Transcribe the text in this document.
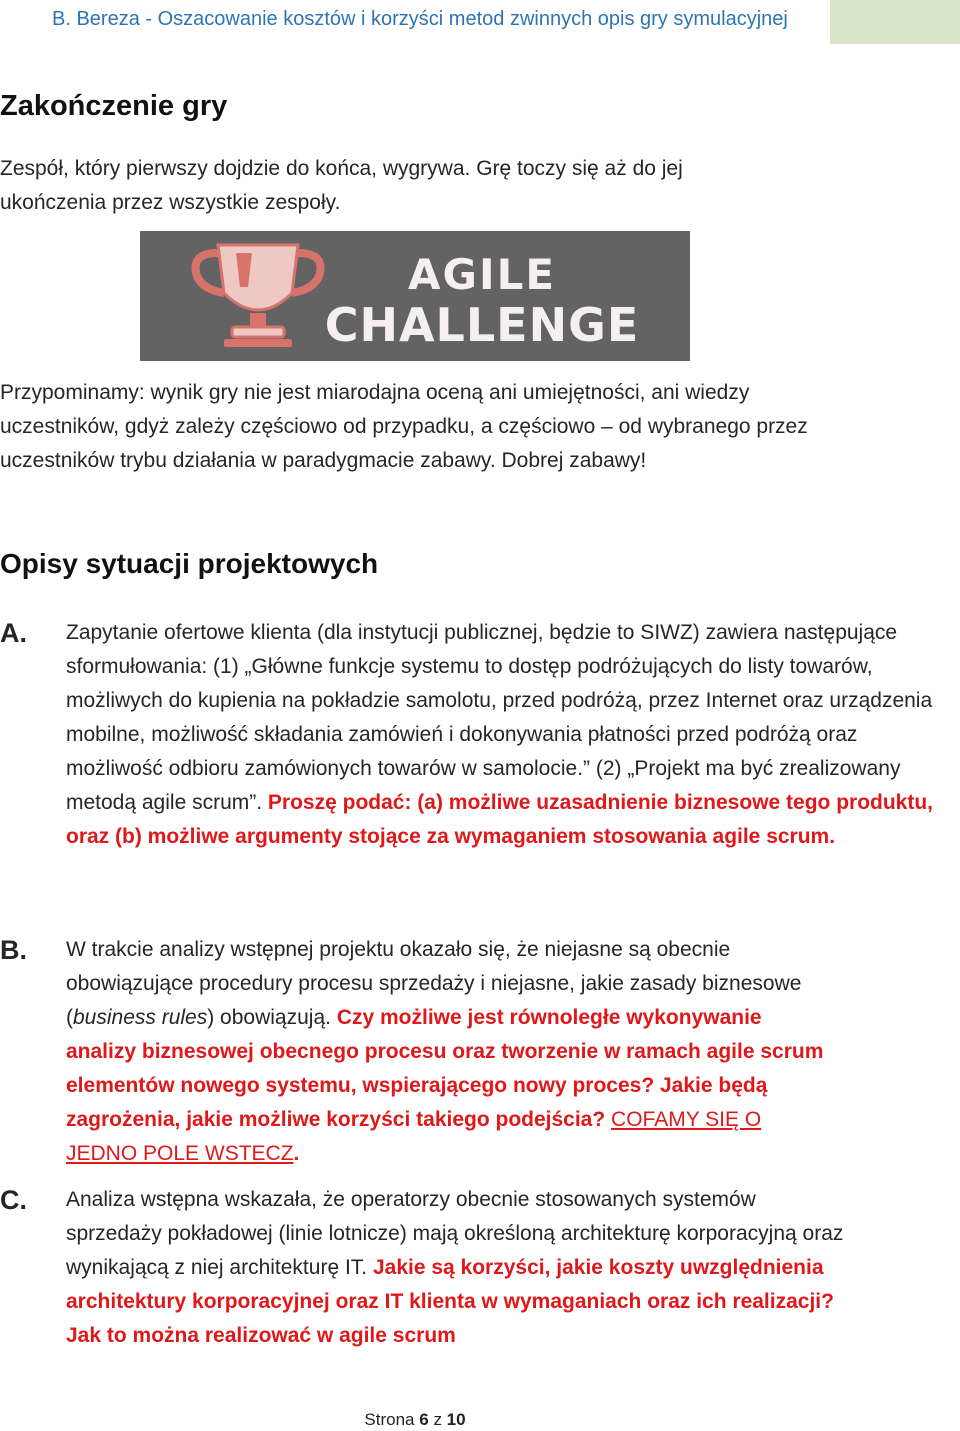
B. Bereza - Oszacowanie kosztów i korzyści metod zwinnych opis gry symulacyjnej
Zakończenie gry

Zespół, który pierwszy dojdzie do końca, wygrywa. Grę toczy się aż do jej ukończenia przez wszystkie zespoły.

AGILE
CHALLENGE

Przypominamy: wynik gry nie jest miarodajna oceną ani umiejętności, ani wiedzy uczestników, gdyż zależy częściowo od przypadku, a częściowo – od wybranego przez uczestników trybu działania w paradygmacie zabawy. Dobrej zabawy!

Opisy sytuacji projektowych
A. Zapytanie ofertowe klienta (dla instytucji publicznej, będzie to SIWZ) zawiera następujące sformułowania: (1) „Główne funkcje systemu to dostęp podróżujących do listy towarów, możliwych do kupienia na pokładzie samolotu, przed podróżą, przez Internet oraz urządzenia mobilne, możliwość składania zamówień i dokonywania płatności przed podróżą oraz możliwość odbioru zamówionych towarów w samolocie.” (2) „Projekt ma być zrealizowany metodą agile scrum”. Proszę podać: (a) możliwe uzasadnienie biznesowe tego produktu, oraz (b) możliwe argumenty stojące za wymaganiem stosowania agile scrum.
B. W trakcie analizy wstępnej projektu okazało się, że niejasne są obecnie obowiązujące procedury procesu sprzedaży i niejasne, jakie zasady biznesowe (business rules) obowiązują. Czy możliwe jest równoległe wykonywanie analizy biznesowej obecnego procesu oraz tworzenie w ramach agile scrum elementów nowego systemu, wspierającego nowy proces? Jakie będą zagrożenia, jakie możliwe korzyści takiego podejścia? COFAMY SIĘ O JEDNO POLE WSTECZ.
C. Analiza wstępna wskazała, że operatorzy obecnie stosowanych systemów sprzedaży pokładowej (linie lotnicze) mają określoną architekturę korporacyjną oraz wynikającą z niej architekturę IT. Jakie są korzyści, jakie koszty uwzględnienia architektury korporacyjnej oraz IT klienta w wymaganiach oraz ich realizacji? Jak to można realizować w agile scrum
Strona 6 z 10
